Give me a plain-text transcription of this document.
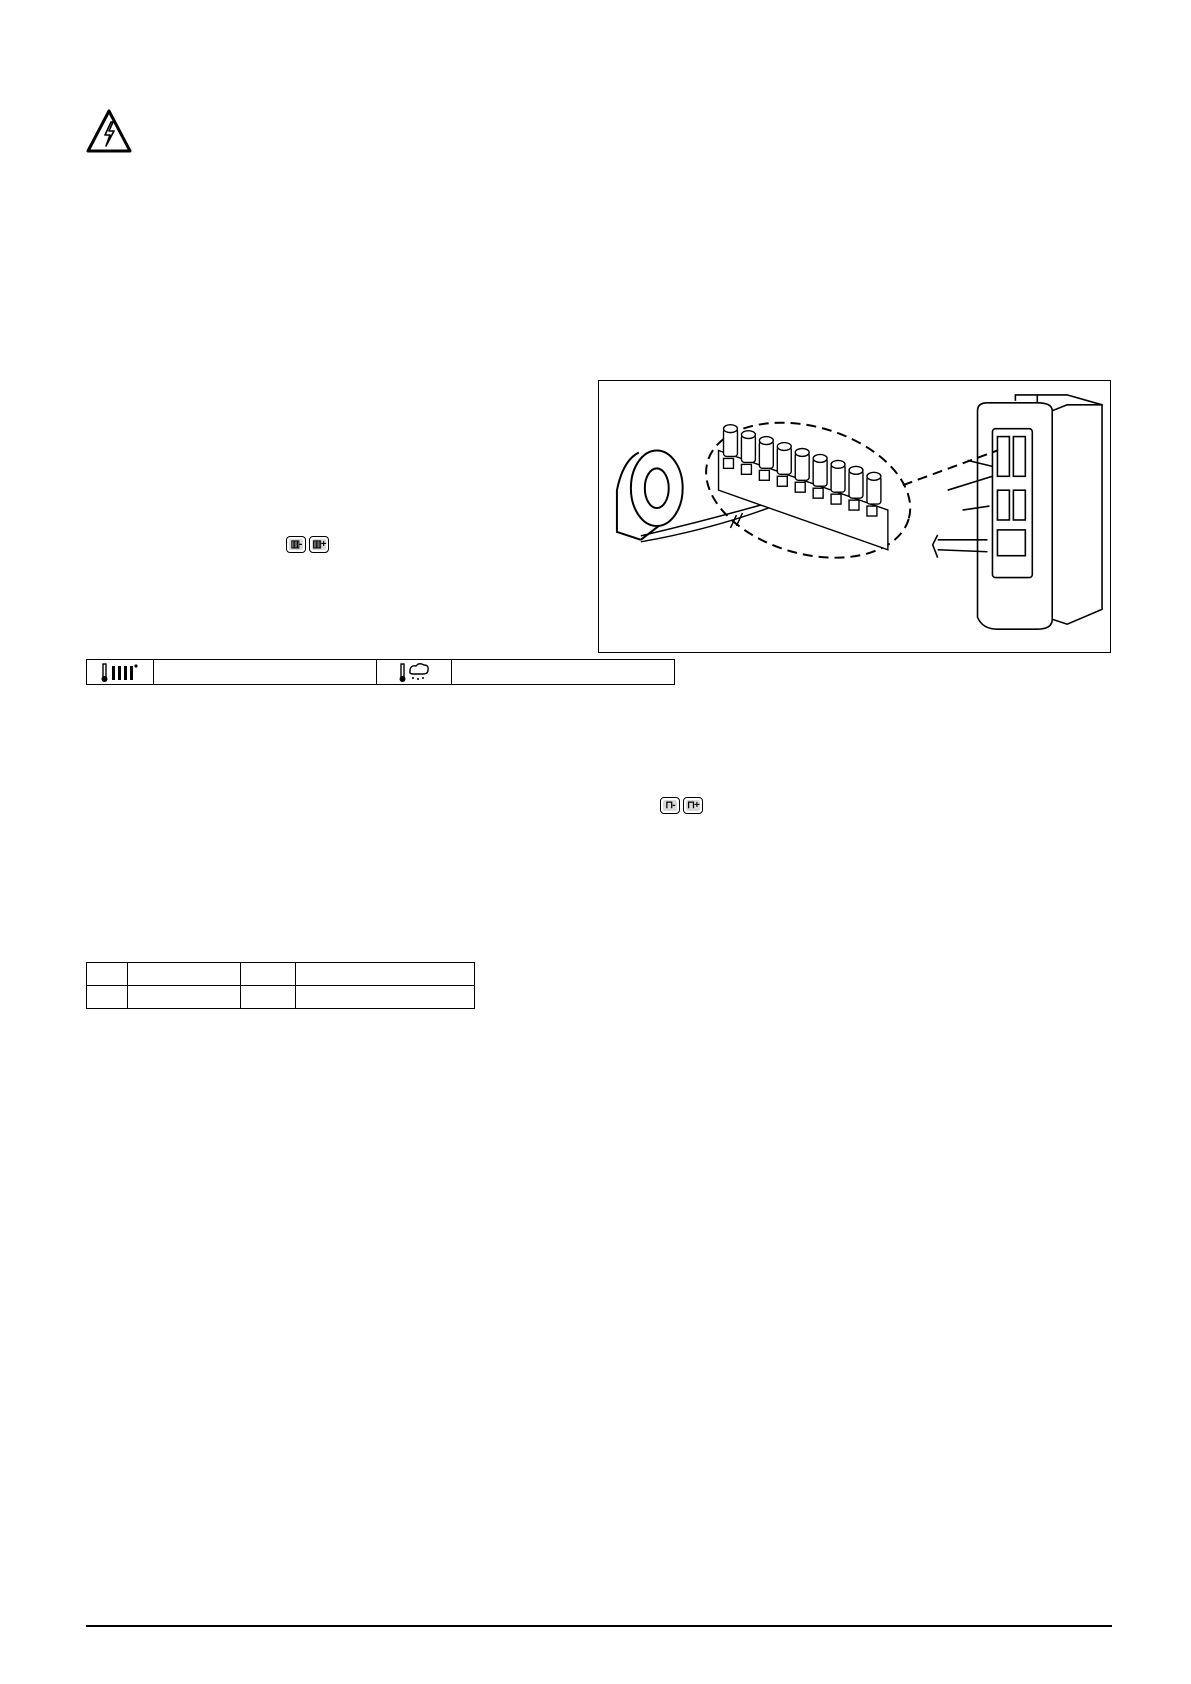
▥‑ ▥+

⊓‑ ⊓+
